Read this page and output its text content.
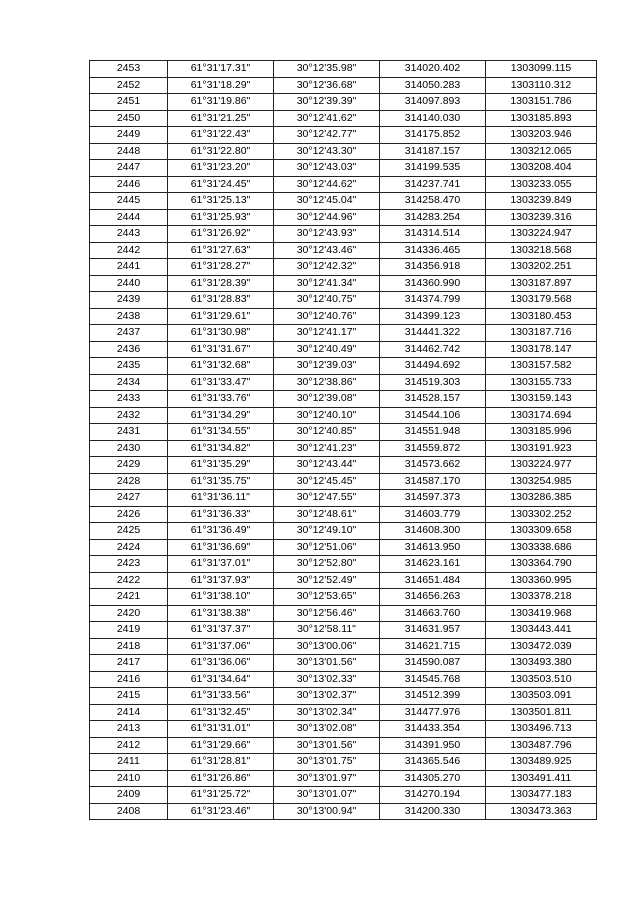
2453	61°31'17.31"	30°12'35.98"	314020.402	1303099.115
2452	61°31'18.29"	30°12'36.68"	314050.283	1303110.312
2451	61°31'19.86"	30°12'39.39"	314097.893	1303151.786
2450	61°31'21.25"	30°12'41.62"	314140.030	1303185.893
2449	61°31'22.43"	30°12'42.77"	314175.852	1303203.946
2448	61°31'22.80"	30°12'43.30"	314187.157	1303212.065
2447	61°31'23.20"	30°12'43.03"	314199.535	1303208.404
2446	61°31'24.45"	30°12'44.62"	314237.741	1303233.055
2445	61°31'25.13"	30°12'45.04"	314258.470	1303239.849
2444	61°31'25.93"	30°12'44.96"	314283.254	1303239.316
2443	61°31'26.92"	30°12'43.93"	314314.514	1303224.947
2442	61°31'27.63"	30°12'43.46"	314336.465	1303218.568
2441	61°31'28.27"	30°12'42.32"	314356.918	1303202.251
2440	61°31'28.39"	30°12'41.34"	314360.990	1303187.897
2439	61°31'28.83"	30°12'40.75"	314374.799	1303179.568
2438	61°31'29.61"	30°12'40.76"	314399.123	1303180.453
2437	61°31'30.98"	30°12'41.17"	314441.322	1303187.716
2436	61°31'31.67"	30°12'40.49"	314462.742	1303178.147
2435	61°31'32.68"	30°12'39.03"	314494.692	1303157.582
2434	61°31'33.47"	30°12'38.86"	314519.303	1303155.733
2433	61°31'33.76"	30°12'39.08"	314528.157	1303159.143
2432	61°31'34.29"	30°12'40.10"	314544.106	1303174.694
2431	61°31'34.55"	30°12'40.85"	314551.948	1303185.996
2430	61°31'34.82"	30°12'41.23"	314559.872	1303191.923
2429	61°31'35.29"	30°12'43.44"	314573.662	1303224.977
2428	61°31'35.75"	30°12'45.45"	314587.170	1303254.985
2427	61°31'36.11"	30°12'47.55"	314597.373	1303286.385
2426	61°31'36.33"	30°12'48.61"	314603.779	1303302.252
2425	61°31'36.49"	30°12'49.10"	314608.300	1303309.658
2424	61°31'36.69"	30°12'51.06"	314613.950	1303338.686
2423	61°31'37.01"	30°12'52.80"	314623.161	1303364.790
2422	61°31'37.93"	30°12'52.49"	314651.484	1303360.995
2421	61°31'38.10"	30°12'53.65"	314656.263	1303378.218
2420	61°31'38.38"	30°12'56.46"	314663.760	1303419.968
2419	61°31'37.37"	30°12'58.11"	314631.957	1303443.441
2418	61°31'37.06"	30°13'00.06"	314621.715	1303472.039
2417	61°31'36.06"	30°13'01.56"	314590.087	1303493.380
2416	61°31'34.64"	30°13'02.33"	314545.768	1303503.510
2415	61°31'33.56"	30°13'02.37"	314512.399	1303503.091
2414	61°31'32.45"	30°13'02.34"	314477.976	1303501.811
2413	61°31'31.01"	30°13'02.08"	314433.354	1303496.713
2412	61°31'29.66"	30°13'01.56"	314391.950	1303487.796
2411	61°31'28.81"	30°13'01.75"	314365.546	1303489.925
2410	61°31'26.86"	30°13'01.97"	314305.270	1303491.411
2409	61°31'25.72"	30°13'01.07"	314270.194	1303477.183
2408	61°31'23.46"	30°13'00.94"	314200.330	1303473.363
